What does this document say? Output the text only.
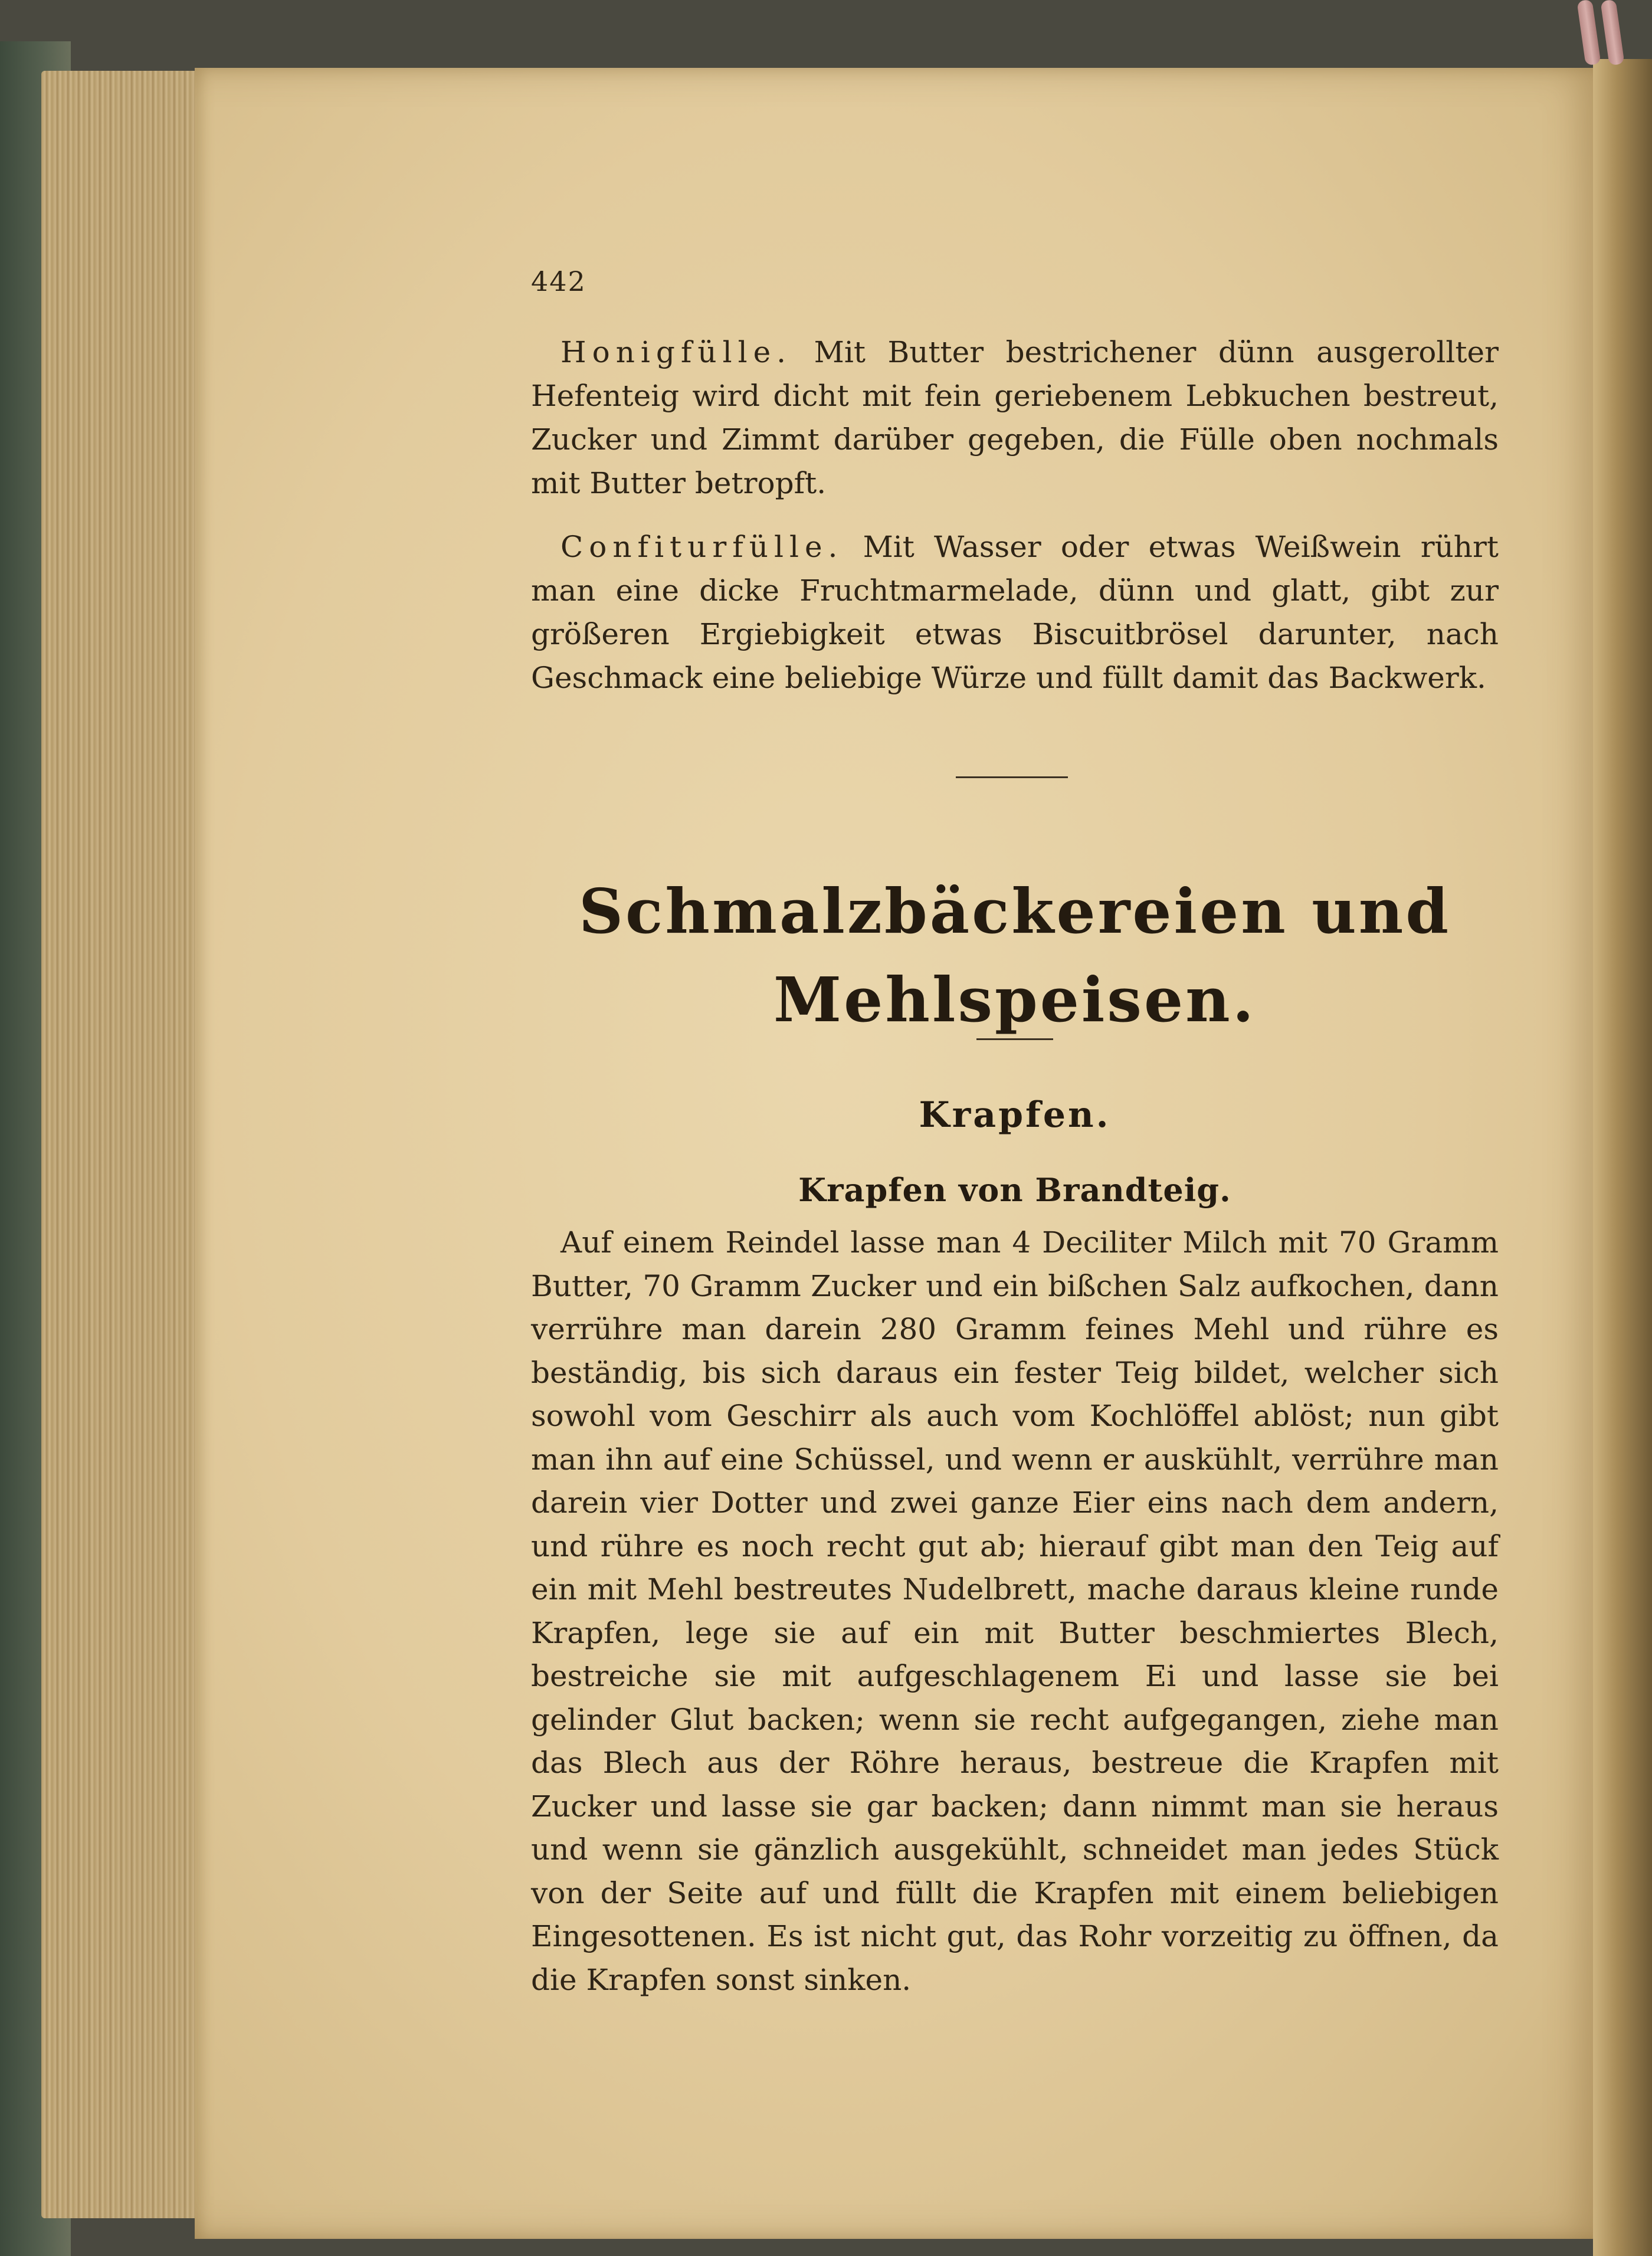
442
 Honigfülle. Mit Butter bestrichener dünn ausgerollter Hefenteig wird dicht mit fein geriebenem Lebkuchen bestreut, Zucker und Zimmt darüber gegeben, die Fülle oben nochmals mit Butter betropft.
 Confiturfülle. Mit Wasser oder etwas Weißwein rührt man eine dicke Fruchtmarmelade, dünn und glatt, gibt zur größeren Ergiebigkeit etwas Biscuitbrösel darunter, nach Geschmack eine beliebige Würze und füllt damit das Backwerk.
Schmalzbäckereien und
Mehlspeisen.
Krapfen.
Krapfen von Brandteig.
 Auf einem Reindel lasse man 4 Deciliter Milch mit 70 Gramm Butter, 70 Gramm Zucker und ein bißchen Salz aufkochen, dann verrühre man darein 280 Gramm feines Mehl und rühre es beständig, bis sich daraus ein fester Teig bildet, welcher sich sowohl vom Geschirr als auch vom Kochlöffel ablöst; nun gibt man ihn auf eine Schüssel, und wenn er auskühlt, verrühre man darein vier Dotter und zwei ganze Eier eins nach dem andern, und rühre es noch recht gut ab; hierauf gibt man den Teig auf ein mit Mehl bestreutes Nudelbrett, mache daraus kleine runde Krapfen, lege sie auf ein mit Butter beschmiertes Blech, bestreiche sie mit aufgeschlagenem Ei und lasse sie bei gelinder Glut backen; wenn sie recht aufgegangen, ziehe man das Blech aus der Röhre heraus, bestreue die Krapfen mit Zucker und lasse sie gar backen; dann nimmt man sie heraus und wenn sie gänzlich ausgekühlt, schneidet man jedes Stück von der Seite auf und füllt die Krapfen mit einem beliebigen Eingesottenen. Es ist nicht gut, das Rohr vorzeitig zu öffnen, da die Krapfen sonst sinken.
